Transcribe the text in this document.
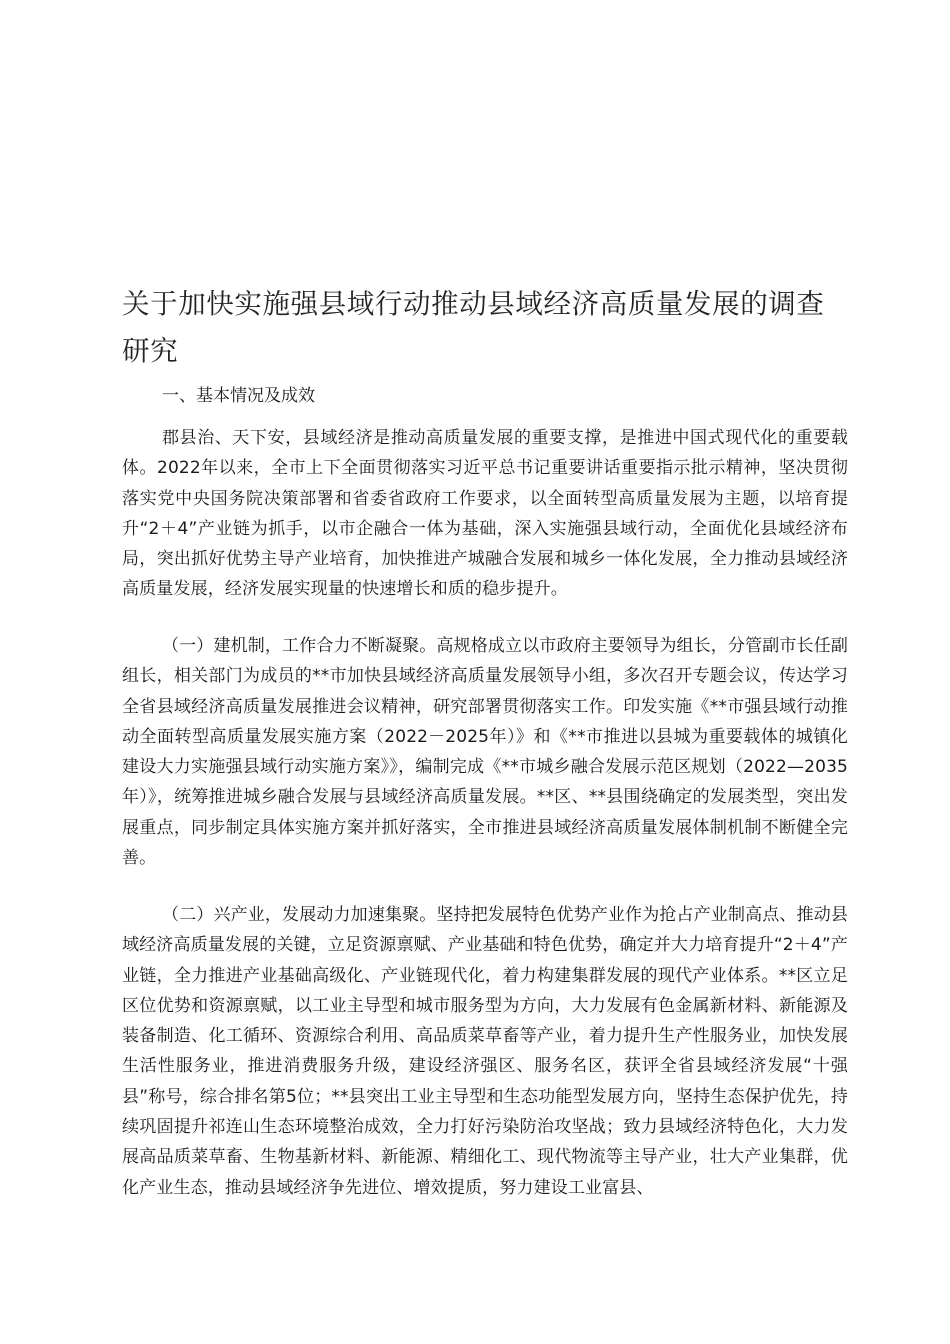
关于加快实施强县域行动推动县域经济高质量发展的调查研究
一、基本情况及成效

郡县治、天下安，县域经济是推动高质量发展的重要支撑，是推进中国式现代化的重要载体。2022年以来，全市上下全面贯彻落实习近平总书记重要讲话重要指示批示精神，坚决贯彻落实党中央国务院决策部署和省委省政府工作要求，以全面转型高质量发展为主题，以培育提升“2＋4”产业链为抓手，以市企融合一体为基础，深入实施强县域行动，全面优化县域经济布局，突出抓好优势主导产业培育，加快推进产城融合发展和城乡一体化发展，全力推动县域经济高质量发展，经济发展实现量的快速增长和质的稳步提升。

（一）建机制，工作合力不断凝聚。高规格成立以市政府主要领导为组长，分管副市长任副组长，相关部门为成员的**市加快县域经济高质量发展领导小组，多次召开专题会议，传达学习全省县域经济高质量发展推进会议精神，研究部署贯彻落实工作。印发实施《**市强县域行动推动全面转型高质量发展实施方案（2022－2025年）》和《**市推进以县城为重要载体的城镇化建设大力实施强县域行动实施方案》》，编制完成《**市城乡融合发展示范区规划（2022—2035年）》，统筹推进城乡融合发展与县域经济高质量发展。**区、**县围绕确定的发展类型，突出发展重点，同步制定具体实施方案并抓好落实，全市推进县域经济高质量发展体制机制不断健全完善。

（二）兴产业，发展动力加速集聚。坚持把发展特色优势产业作为抢占产业制高点、推动县域经济高质量发展的关键，立足资源禀赋、产业基础和特色优势，确定并大力培育提升“2＋4”产业链，全力推进产业基础高级化、产业链现代化，着力构建集群发展的现代产业体系。**区立足区位优势和资源禀赋，以工业主导型和城市服务型为方向，大力发展有色金属新材料、新能源及装备制造、化工循环、资源综合利用、高品质菜草畜等产业，着力提升生产性服务业，加快发展生活性服务业，推进消费服务升级，建设经济强区、服务名区，获评全省县域经济发展“十强县”称号，综合排名第5位；**县突出工业主导型和生态功能型发展方向，坚持生态保护优先，持续巩固提升祁连山生态环境整治成效，全力打好污染防治攻坚战；致力县域经济特色化，大力发展高品质菜草畜、生物基新材料、新能源、精细化工、现代物流等主导产业，壮大产业集群，优化产业生态，推动县域经济争先进位、增效提质，努力建设工业富县、
